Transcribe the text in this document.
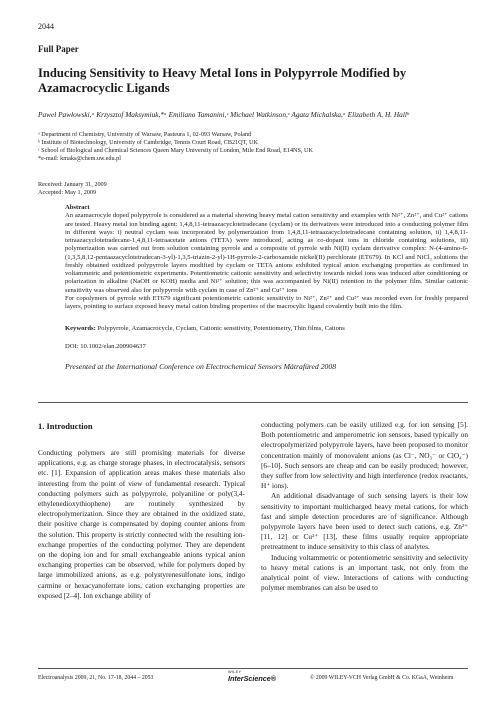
2044
Full Paper
Inducing Sensitivity to Heavy Metal Ions in Polypyrrole Modified by Azamacrocyclic Ligands
Paweł Pawłowski,ᵃ Krzysztof Maksymiuk,*ᵃ Emiliano Tamanini,ᶜ Michael Watkinson,ᶜ Agata Michalska,ᵃ Elizabeth A. H. Hallᵇ
ᵃ Department of Chemistry, University of Warsaw, Pasteura 1, 02-093 Warsaw, Poland
ᵇ Institute of Biotechnology, University of Cambridge, Tennis Court Road, CB21QT, UK
ᶜ School of Biological and Chemical Sciences Queen Mary University of London, Mile End Road, E14NS, UK
*e-mail: kmaks@chem.uw.edu.pl
Received: January 31, 2009
Accepted: May 1, 2009
Abstract

An azamacrocyle doped polypyrrole is considered as a material showing heavy metal cation sensitivity and examples with Ni²⁺, Zn²⁺, and Cu²⁺ cations are tested. Heavy metal ion binding agent: 1,4,8,11-tetraazacyclotetradecane (cyclam) or its derivatives were introduced into a conducting polymer film in different ways: i) neutral cyclam was incorporated by polymerization from 1,4,8,11-tetraazacyclotetradecane containing solution, ii) 1,4,8,11-tetraazacyclotetradecane-1,4,8,11-tetraacetate anions (TETA) were introduced, acting as co-dopant ions in chloride containing solutions, iii) polymerization was carried out from solution containing pyrrole and a composite of pyrrole with Ni(II) cyclam derivative complex: N-(4-amino-6-(1,3,5,8,12-pentaazacyclotetradecan-3-yl)-1,3,5-triazin-2-yl)-1H-pyrrole-2-carboxamide nickel(II) perchlorate (ET679). In KCl and NiCl₂ solutions the freshly obtained oxidized polypyrrole layers modified by cyclam or TETA anions exhibited typical anion exchanging properties as confirmed in voltammetric and potentiometric experiments. Potentiometric cationic sensitivity and selectivity towards nickel ions was induced after conditioning or polarization in alkaline (NaOH or KOH) media and Ni²⁺ solution; this was accompanied by Ni(II) retention in the polymer film. Similar cationic sensitivity was observed also for polypyrrole with cyclam in case of Zn²⁺ and Cu²⁺ ions

For copolymers of pyrrole with ET679 significant potentiometric cationic sensitivity to Ni²⁺, Zn²⁺ and Cu²⁺ was recorded even for freshly prepared layers, pointing to surface exposed heavy metal cation binding properties of the macrocylic ligand covalently built into the film.

Keywords: Polypyrrole, Azamacrocycle, Cyclam, Cationic sensitivity, Potentiometry, Thin films, Cations
DOI: 10.1002/elan.200904637
Presented at the International Conference on Electrochemical Sensors Mátrafüred 2008
1. Introduction

Conducting polymers are still promising materials for diverse applications, e.g. as charge storage phases, in electrocatalysis, sensors etc. [1]. Expansion of application areas makes these materials also interesting from the point of view of fundamental research. Typical conducting polymers such as polypyrrole, polyaniline or poly(3,4-ethylenedioxythiophene) are routinely synthesized by electropolymerization. Since they are obtained in the oxidized state, their positive charge is compensated by doping counter anions from the solution. This property is strictly connected with the resulting ion-exchange properties of the conducting polymer. They are dependent on the doping ion and for small exchangeable anions typical anion exchanging properties can be observed, while for polymers doped by large immobilized anions, as e.g. polystyrenesulfonate ions, indigo carmine or hexacyanoferrate ions, cation exchanging properties are exposed [2–4]. Ion exchange ability of

conducting polymers can be easily utilized e.g. for ion sensing [5]. Both potentiometric and amperometric ion sensors, based typically on electropolymerized polypyrrole layers, have been proposed to monitor concentration mainly of monovalent anions (as Cl⁻, NO₃⁻ or ClO₄⁻) [6–10]. Such sensors are cheap and can be easily produced; however, they suffer from low selectivity and high interference (redox reactants, H⁺ ions).

An additional disadvantage of such sensing layers is their low sensitivity to important multicharged heavy metal cations, for which fast and simple detection procedures are of significance. Although polypyrrole layers have been used to detect such cations, e.g. Zn²⁺ [11, 12] or Cu²⁺ [13], these films usually require appropriate pretreatment to induce sensitivity to this class of analytes.

Inducing voltammetric or potentiometric sensitivity and selectivity to heavy metal cations is an important task, not only from the analytical point of view. Interactions of cations with conducting polymer membranes can also be used to

Electroanalysis 2009, 21, No. 17-18, 2044 – 2053
WILEY
InterScience®	© 2009 WILEY-VCH Verlag GmbH & Co. KGaA, Weinheim
